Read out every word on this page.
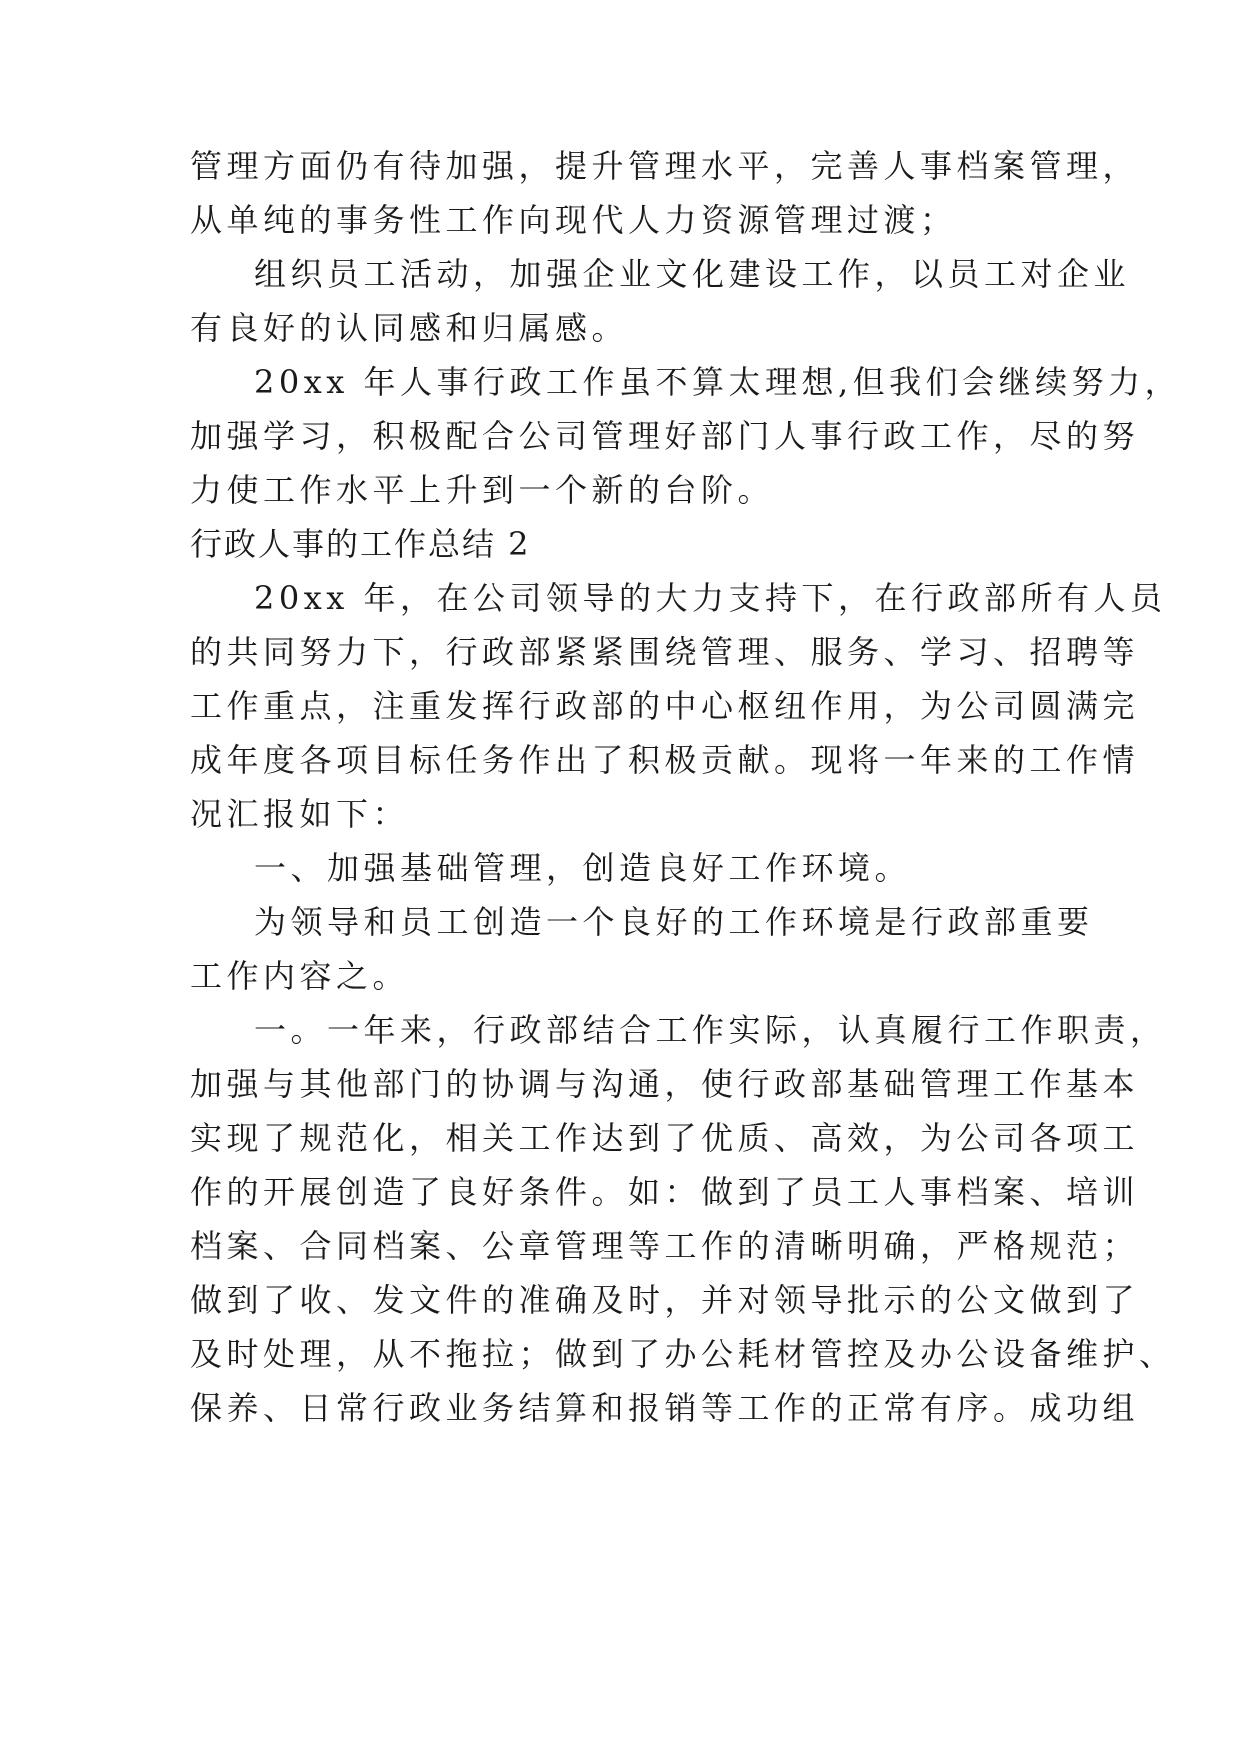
管理方面仍有待加强，提升管理水平，完善人事档案管理，
从单纯的事务性工作向现代人力资源管理过渡；
组织员工活动，加强企业文化建设工作，以员工对企业
有良好的认同感和归属感。
20xx 年人事行政工作虽不算太理想,但我们会继续努力，
加强学习，积极配合公司管理好部门人事行政工作，尽的努
力使工作水平上升到一个新的台阶。
行政人事的工作总结 2
20xx 年，在公司领导的大力支持下，在行政部所有人员
的共同努力下，行政部紧紧围绕管理、服务、学习、招聘等
工作重点，注重发挥行政部的中心枢纽作用，为公司圆满完
成年度各项目标任务作出了积极贡献。现将一年来的工作情
况汇报如下：
一、加强基础管理，创造良好工作环境。
为领导和员工创造一个良好的工作环境是行政部重要
工作内容之。
一。一年来，行政部结合工作实际，认真履行工作职责，
加强与其他部门的协调与沟通，使行政部基础管理工作基本
实现了规范化，相关工作达到了优质、高效，为公司各项工
作的开展创造了良好条件。如：做到了员工人事档案、培训
档案、合同档案、公章管理等工作的清晰明确，严格规范；
做到了收、发文件的准确及时，并对领导批示的公文做到了
及时处理，从不拖拉；做到了办公耗材管控及办公设备维护、
保养、日常行政业务结算和报销等工作的正常有序。成功组
